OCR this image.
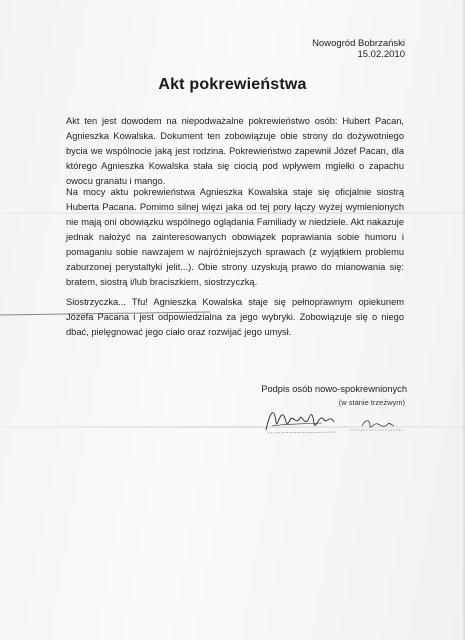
Nowogród Bobrzański
15.02.2010
Akt pokrewieństwa

Akt ten jest dowodem na niepodważalne pokrewieństwo osób: Hubert Pacan, Agnieszka Kowalska. Dokument ten zobowiązuje obie strony do dożywotniego bycia we wspólnocie jaką jest rodzina. Pokrewieństwo zapewnił Józef Pacan, dla którego Agnieszka Kowalska stała się ciocią pod wpływem mgiełki o zapachu owocu granatu i mango.

Na mocy aktu pokrewieństwa Agnieszka Kowalska staje się oficjalnie siostrą Huberta Pacana. Pomimo silnej więzi jaka od tej pory łączy wyżej wymienionych nie mają oni obowiązku wspólnego oglądania Familiady w niedziele. Akt nakazuje jednak nałożyć na zainteresowanych obowiązek poprawiania sobie humoru i pomaganiu sobie nawzajem w najróżniejszych sprawach (z wyjątkiem problemu zaburzonej perystaltyki jelit...). Obie strony uzyskują prawo do mianowania się: bratem, siostrą i/lub braciszkiem, siostrzyczką.

Siostrzyczka... Tfu! Agnieszka Kowalska staje się pełnoprawnym opiekunem Józefa Pacana i jest odpowiedzialna za jego wybryki. Zobowiązuje się o niego dbać, pielęgnować jego ciało oraz rozwijać jego umysł.

Podpis osób nowo-spokrewnionych
(w stanie trzeźwym)
